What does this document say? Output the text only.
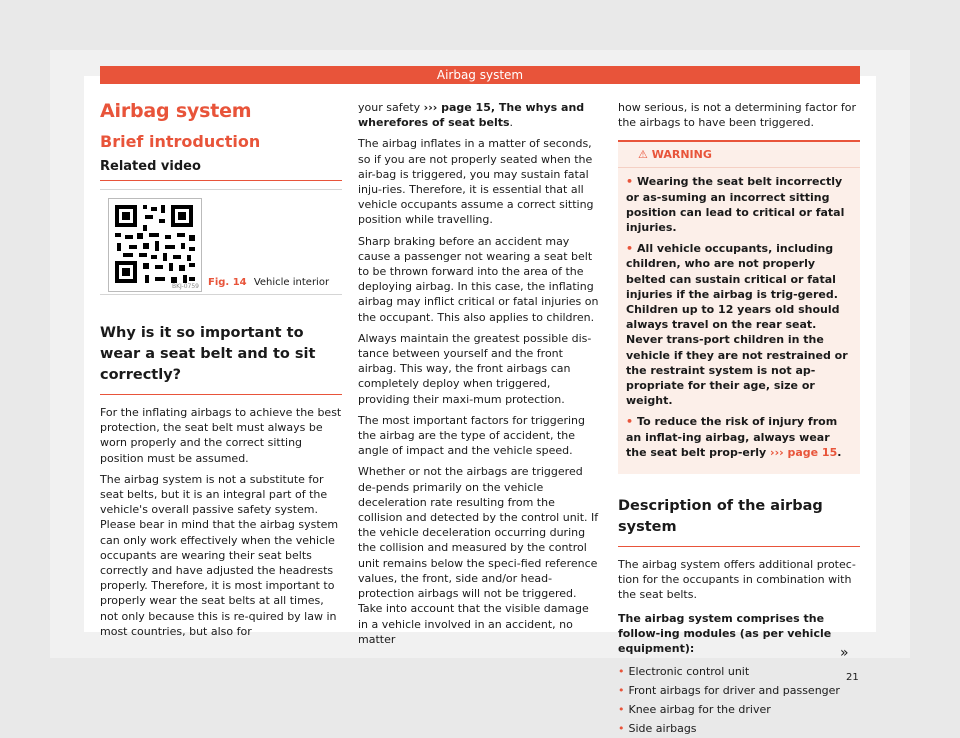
Airbag system
Airbag system
Brief introduction
Related video
BKJ-0759 Fig. 14 Vehicle interior
Why is it so important to wear a seat belt and to sit correctly?

For the inflating airbags to achieve the best protection, the seat belt must always be worn properly and the correct sitting position must be assumed.

The airbag system is not a substitute for seat belts, but it is an integral part of the vehicle's overall passive safety system. Please bear in mind that the airbag system can only work effectively when the vehicle occupants are wearing their seat belts correctly and have adjusted the headrests properly. Therefore, it is most important to properly wear the seat belts at all times, not only because this is re-quired by law in most countries, but also for

your safety ››› page 15, The whys and wherefores of seat belts.

The airbag inflates in a matter of seconds, so if you are not properly seated when the air-bag is triggered, you may sustain fatal inju-ries. Therefore, it is essential that all vehicle occupants assume a correct sitting position while travelling.

Sharp braking before an accident may cause a passenger not wearing a seat belt to be thrown forward into the area of the deploying airbag. In this case, the inflating airbag may inflict critical or fatal injuries on the occupant. This also applies to children.

Always maintain the greatest possible dis-tance between yourself and the front airbag. This way, the front airbags can completely deploy when triggered, providing their maxi-mum protection.

The most important factors for triggering the airbag are the type of accident, the angle of impact and the vehicle speed.

Whether or not the airbags are triggered de-pends primarily on the vehicle deceleration rate resulting from the collision and detected by the control unit. If the vehicle deceleration occurring during the collision and measured by the control unit remains below the speci-fied reference values, the front, side and/or head-protection airbags will not be triggered. Take into account that the visible damage in a vehicle involved in an accident, no matter

how serious, is not a determining factor for the airbags to have been triggered.

⚠ WARNING

• Wearing the seat belt incorrectly or as-suming an incorrect sitting position can lead to critical or fatal injuries.

• All vehicle occupants, including children, who are not properly belted can sustain critical or fatal injuries if the airbag is trig-gered. Children up to 12 years old should always travel on the rear seat. Never trans-port children in the vehicle if they are not restrained or the restraint system is not ap-propriate for their age, size or weight.

• To reduce the risk of injury from an inflat-ing airbag, always wear the seat belt prop-erly ››› page 15.

Description of the airbag system

The airbag system offers additional protec-tion for the occupants in combination with the seat belts.

The airbag system comprises the follow-ing modules (as per vehicle equipment):

• Electronic control unit
• Front airbags for driver and passenger
• Knee airbag for the driver
• Side airbags
»
21
